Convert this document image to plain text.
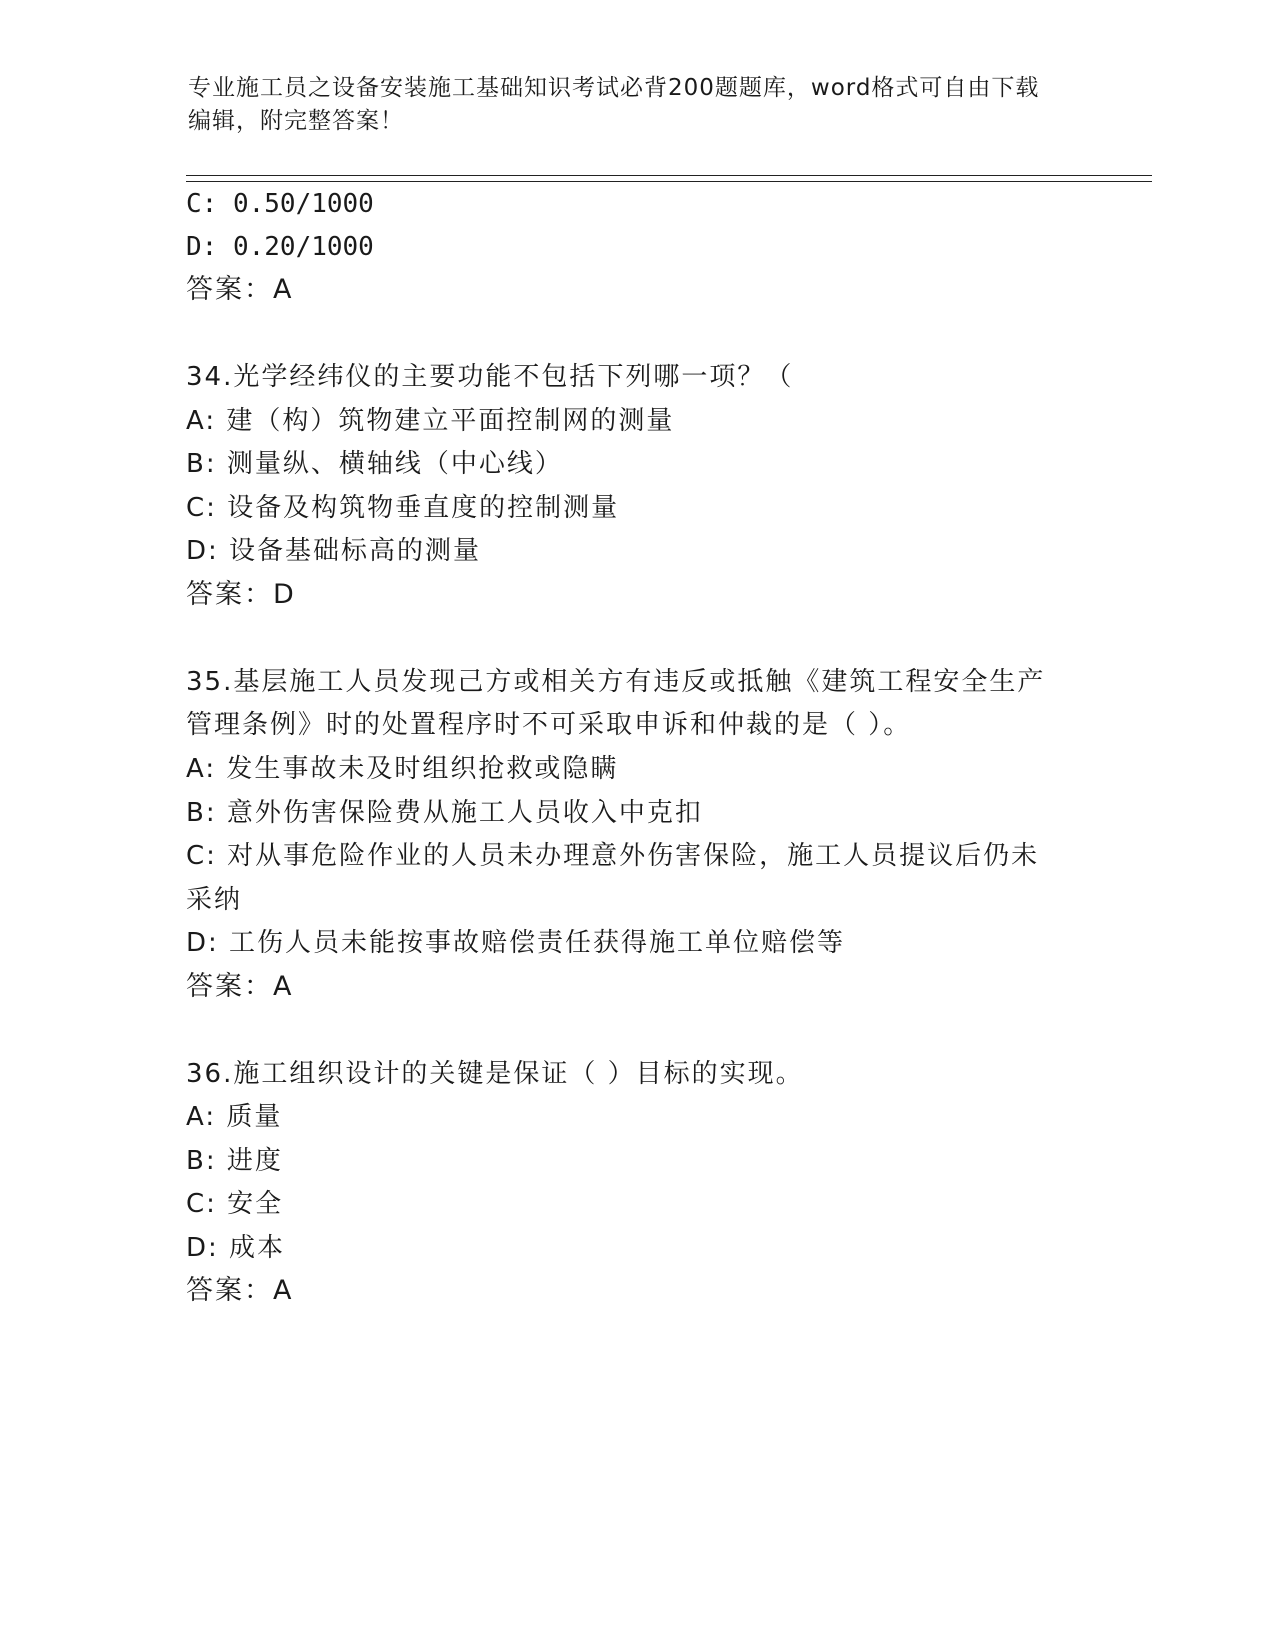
专业施工员之设备安装施工基础知识考试必背200题题库，word格式可自由下载
编辑，附完整答案！
C: 0.50/1000
D: 0.20/1000
答案：A
34.光学经纬仪的主要功能不包括下列哪一项？（
A: 建（构）筑物建立平面控制网的测量
B: 测量纵、横轴线（中心线）
C: 设备及构筑物垂直度的控制测量
D: 设备基础标高的测量
答案：D
35.基层施工人员发现己方或相关方有违反或抵触《建筑工程安全生产
管理条例》时的处置程序时不可采取申诉和仲裁的是（ ）。
A: 发生事故未及时组织抢救或隐瞒
B: 意外伤害保险费从施工人员收入中克扣
C: 对从事危险作业的人员未办理意外伤害保险，施工人员提议后仍未
采纳
D: 工伤人员未能按事故赔偿责任获得施工单位赔偿等
答案：A
36.施工组织设计的关键是保证（ ）目标的实现。
A: 质量
B: 进度
C: 安全
D: 成本
答案：A
